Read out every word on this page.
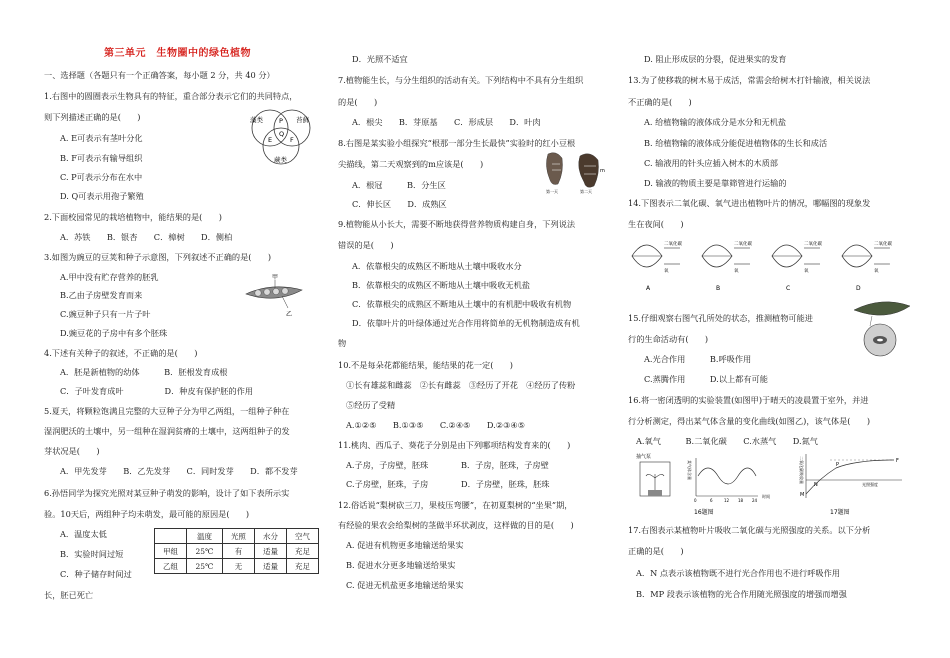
第三单元　生物圈中的绿色植物
一、选择题（各题只有一个正确答案，每小题 2 分，共 40 分）
1.右图中的圆圈表示生物具有的特征，重合部分表示它们的共同特点，
则下列描述正确的是(　　)
A. E可表示有茎叶分化
B. F可表示有输导组织
C. P可表示分布在水中
D. Q可表示用孢子繁殖
2.下面校园常见的栽培植物中，能结果的是(　　)
A．苏铁　　B．银杏　　C．樟树　　D．侧柏
3.如图为豌豆的豆荚和种子示意图，下列叙述不正确的是(　　)
A.甲中没有贮存营养的胚乳
B.乙由子房壁发育而来
C.豌豆种子只有一片子叶
D.豌豆花的子房中有多个胚珠
4.下述有关种子的叙述，不正确的是(　　)
A．胚是新植物的幼体　　　B．胚根发育成根
C．子叶发育成叶　　　　　D．种皮有保护胚的作用
5.夏天，将颗粒饱满且完整的大豆种子分为甲乙两组，一组种子种在
湿润肥沃的土壤中，另一组种在湿润贫瘠的土壤中，这两组种子的发
芽状况是(　　)
A．甲先发芽　　B．乙先发芽　　C．同时发芽　　D．都不发芽
6.孙悟同学为探究光照对某豆种子萌发的影响，设计了如下表所示实
验。10天后，两组种子均未萌发，最可能的原因是(　　)
A．温度太低
B．实验时间过短
C．种子储存时间过
长，胚已死亡
藻类	苔藓
蕨类
P
Q
E	F
甲
乙
	温度	光照	水分	空气
甲组	25℃	有	适量	充足
乙组	25℃	无	适量	充足
D．光照不适宜
7.植物能生长，与分生组织的活动有关。下列结构中不具有分生组织
的是(　　)
A．根尖　　B．芽原基　　C．形成层　　D．叶肉
8.右图是某实验小组探究“根那一部分生长最快”实验时的红小豆根
尖描线，第二天观察到的m应该是(　　)
A．根冠　　　B．分生区
C．伸长区　　D．成熟区
9.植物能从小长大，需要不断地获得营养物质构建自身，下列说法
错误的是(　　)
A．依靠根尖的成熟区不断地从土壤中吸收水分
B．依靠根尖的成熟区不断地从土壤中吸收无机盐
C．依靠根尖的成熟区不断地从土壤中的有机肥中吸收有机物
D．依靠叶片的叶绿体通过光合作用将简单的无机物制造成有机
物
10.不是每朵花都能结果，能结果的花一定(　　)
①长有雄蕊和雌蕊　②长有雌蕊　③经历了开花　④经历了传粉
⑤经历了受精
A.①②⑤　　B.①③⑤　　C.②④⑤　　D.②③④⑤
11.桃肉、西瓜子、葵花子分别是由下列哪项结构发育来的(　　)
A.子房，子房壁，胚珠　　　　B．子房，胚珠，子房壁
C.子房壁，胚珠，子房　　　　D．子房壁，胚珠，胚珠
12.俗话说“梨树砍三刀，果枝压弯腰”，在初夏梨树的“坐果”期，
有经验的果农会给梨树的茎做半环状剥皮，这样做的目的是(　　)
A. 促进有机物更多地输送给果实
B. 促进水分更多地输送给果实
C. 促进无机盐更多地输送给果实
m
第一天	第二天
D. 阻止形成层的分裂，促进果实的发育
13.为了使移栽的树木易于成活，常需会给树木打针输液，相关说法
不正确的是(　　)
A. 给植物输的液体成分是水分和无机盐
B. 给植物输的液体成分能促进植物体的生长和成活
C. 输液用的针头应插入树木的木质部
D. 输液的物质主要是靠筛管进行运输的
14.下图表示二氧化碳、氧气进出植物叶片的情况，哪幅图的现象发
生在夜间(　　)
二氧化碳
氧
A
二氧化碳
氧
B
二氧化碳
氧
C
二氧化碳
氧
D
15.仔细观察右图气孔所处的状态，推测植物可能进
行的生命活动有(　　)
A.光合作用　　　B.呼吸作用
C.蒸腾作用　　　D.以上都有可能
16.将一密闭透明的实验装置(如图甲)于晴天的凌晨置于室外，并进
行分析测定，得出某气体含量的变化曲线(如图乙)，该气体是(　　)
A.氧气　　　B.二氧化碳　　C.水蒸气　　D.氮气
抽气泵
某气体含量
0	6	12 18 24
时间
16题图
二氧化碳吸收量	F
M
N
P
光照强度
17题图
17.右图表示某植物叶片吸收二氧化碳与光照强度的关系。以下分析
正确的是(　　)
A．N 点表示该植物既不进行光合作用也不进行呼吸作用
B．MP 段表示该植物的光合作用随光照强度的增强而增强
